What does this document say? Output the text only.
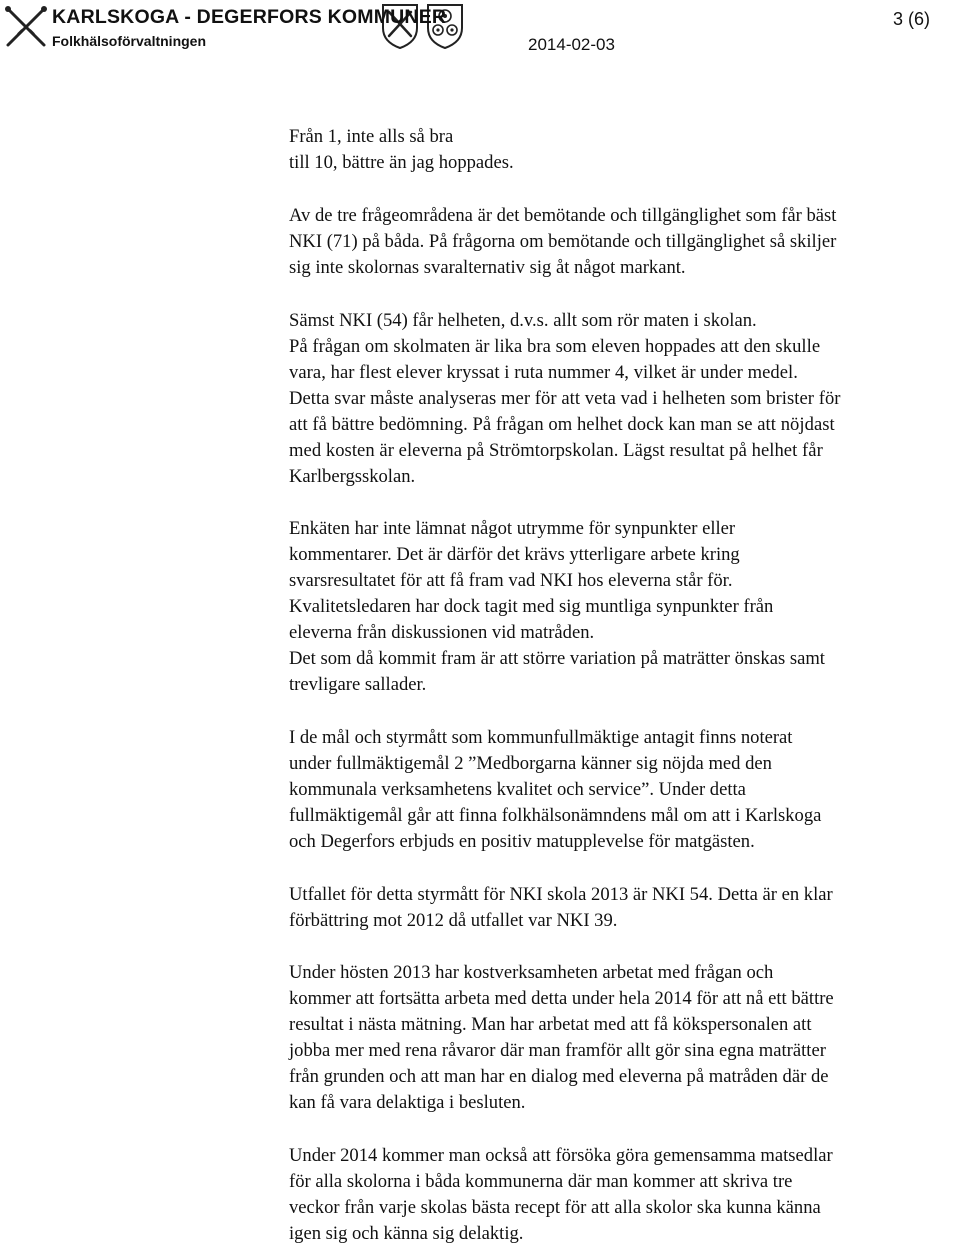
KARLSKOGA - DEGERFORS KOMMUNER
Folkhälsoförvaltningen	2014-02-03
3 (6)
Från 1, inte alls så bra
till 10, bättre än jag hoppades.
Av de tre frågeområdena är det bemötande och tillgänglighet som får bäst
NKI (71) på båda. På frågorna om bemötande och tillgänglighet så skiljer
sig inte skolornas svaralternativ sig åt något markant.
Sämst NKI (54) får helheten, d.v.s. allt som rör maten i skolan.
På frågan om skolmaten är lika bra som eleven hoppades att den skulle
vara, har flest elever kryssat i ruta nummer 4, vilket är under medel.
Detta svar måste analyseras mer för att veta vad i helheten som brister för
att få bättre bedömning. På frågan om helhet dock kan man se att nöjdast
med kosten är eleverna på Strömtorpskolan. Lägst resultat på helhet får
Karlbergsskolan.
Enkäten har inte lämnat något utrymme för synpunkter eller
kommentarer. Det är därför det krävs ytterligare arbete kring
svarsresultatet för att få fram vad NKI hos eleverna står för.
Kvalitetsledaren har dock tagit med sig muntliga synpunkter från
eleverna från diskussionen vid matråden.
Det som då kommit fram är att större variation på maträtter önskas samt
trevligare sallader.
I de mål och styrmått som kommunfullmäktige antagit finns noterat
under fullmäktigemål 2 ”Medborgarna känner sig nöjda med den
kommunala verksamhetens kvalitet och service”. Under detta
fullmäktigemål går att finna folkhälsonämndens mål om att i Karlskoga
och Degerfors erbjuds en positiv matupplevelse för matgästen.
Utfallet för detta styrmått för NKI skola 2013 är NKI 54. Detta är en klar
förbättring mot 2012 då utfallet var NKI 39.
Under hösten 2013 har kostverksamheten arbetat med frågan och
kommer att fortsätta arbeta med detta under hela 2014 för att nå ett bättre
resultat i nästa mätning. Man har arbetat med att få kökspersonalen att
jobba mer med rena råvaror där man framför allt gör sina egna maträtter
från grunden och att man har en dialog med eleverna på matråden där de
kan få vara delaktiga i besluten.
Under 2014 kommer man också att försöka göra gemensamma matsedlar
för alla skolorna i båda kommunerna där man kommer att skriva tre
veckor från varje skolas bästa recept för att alla skolor ska kunna känna
igen sig och känna sig delaktig.
